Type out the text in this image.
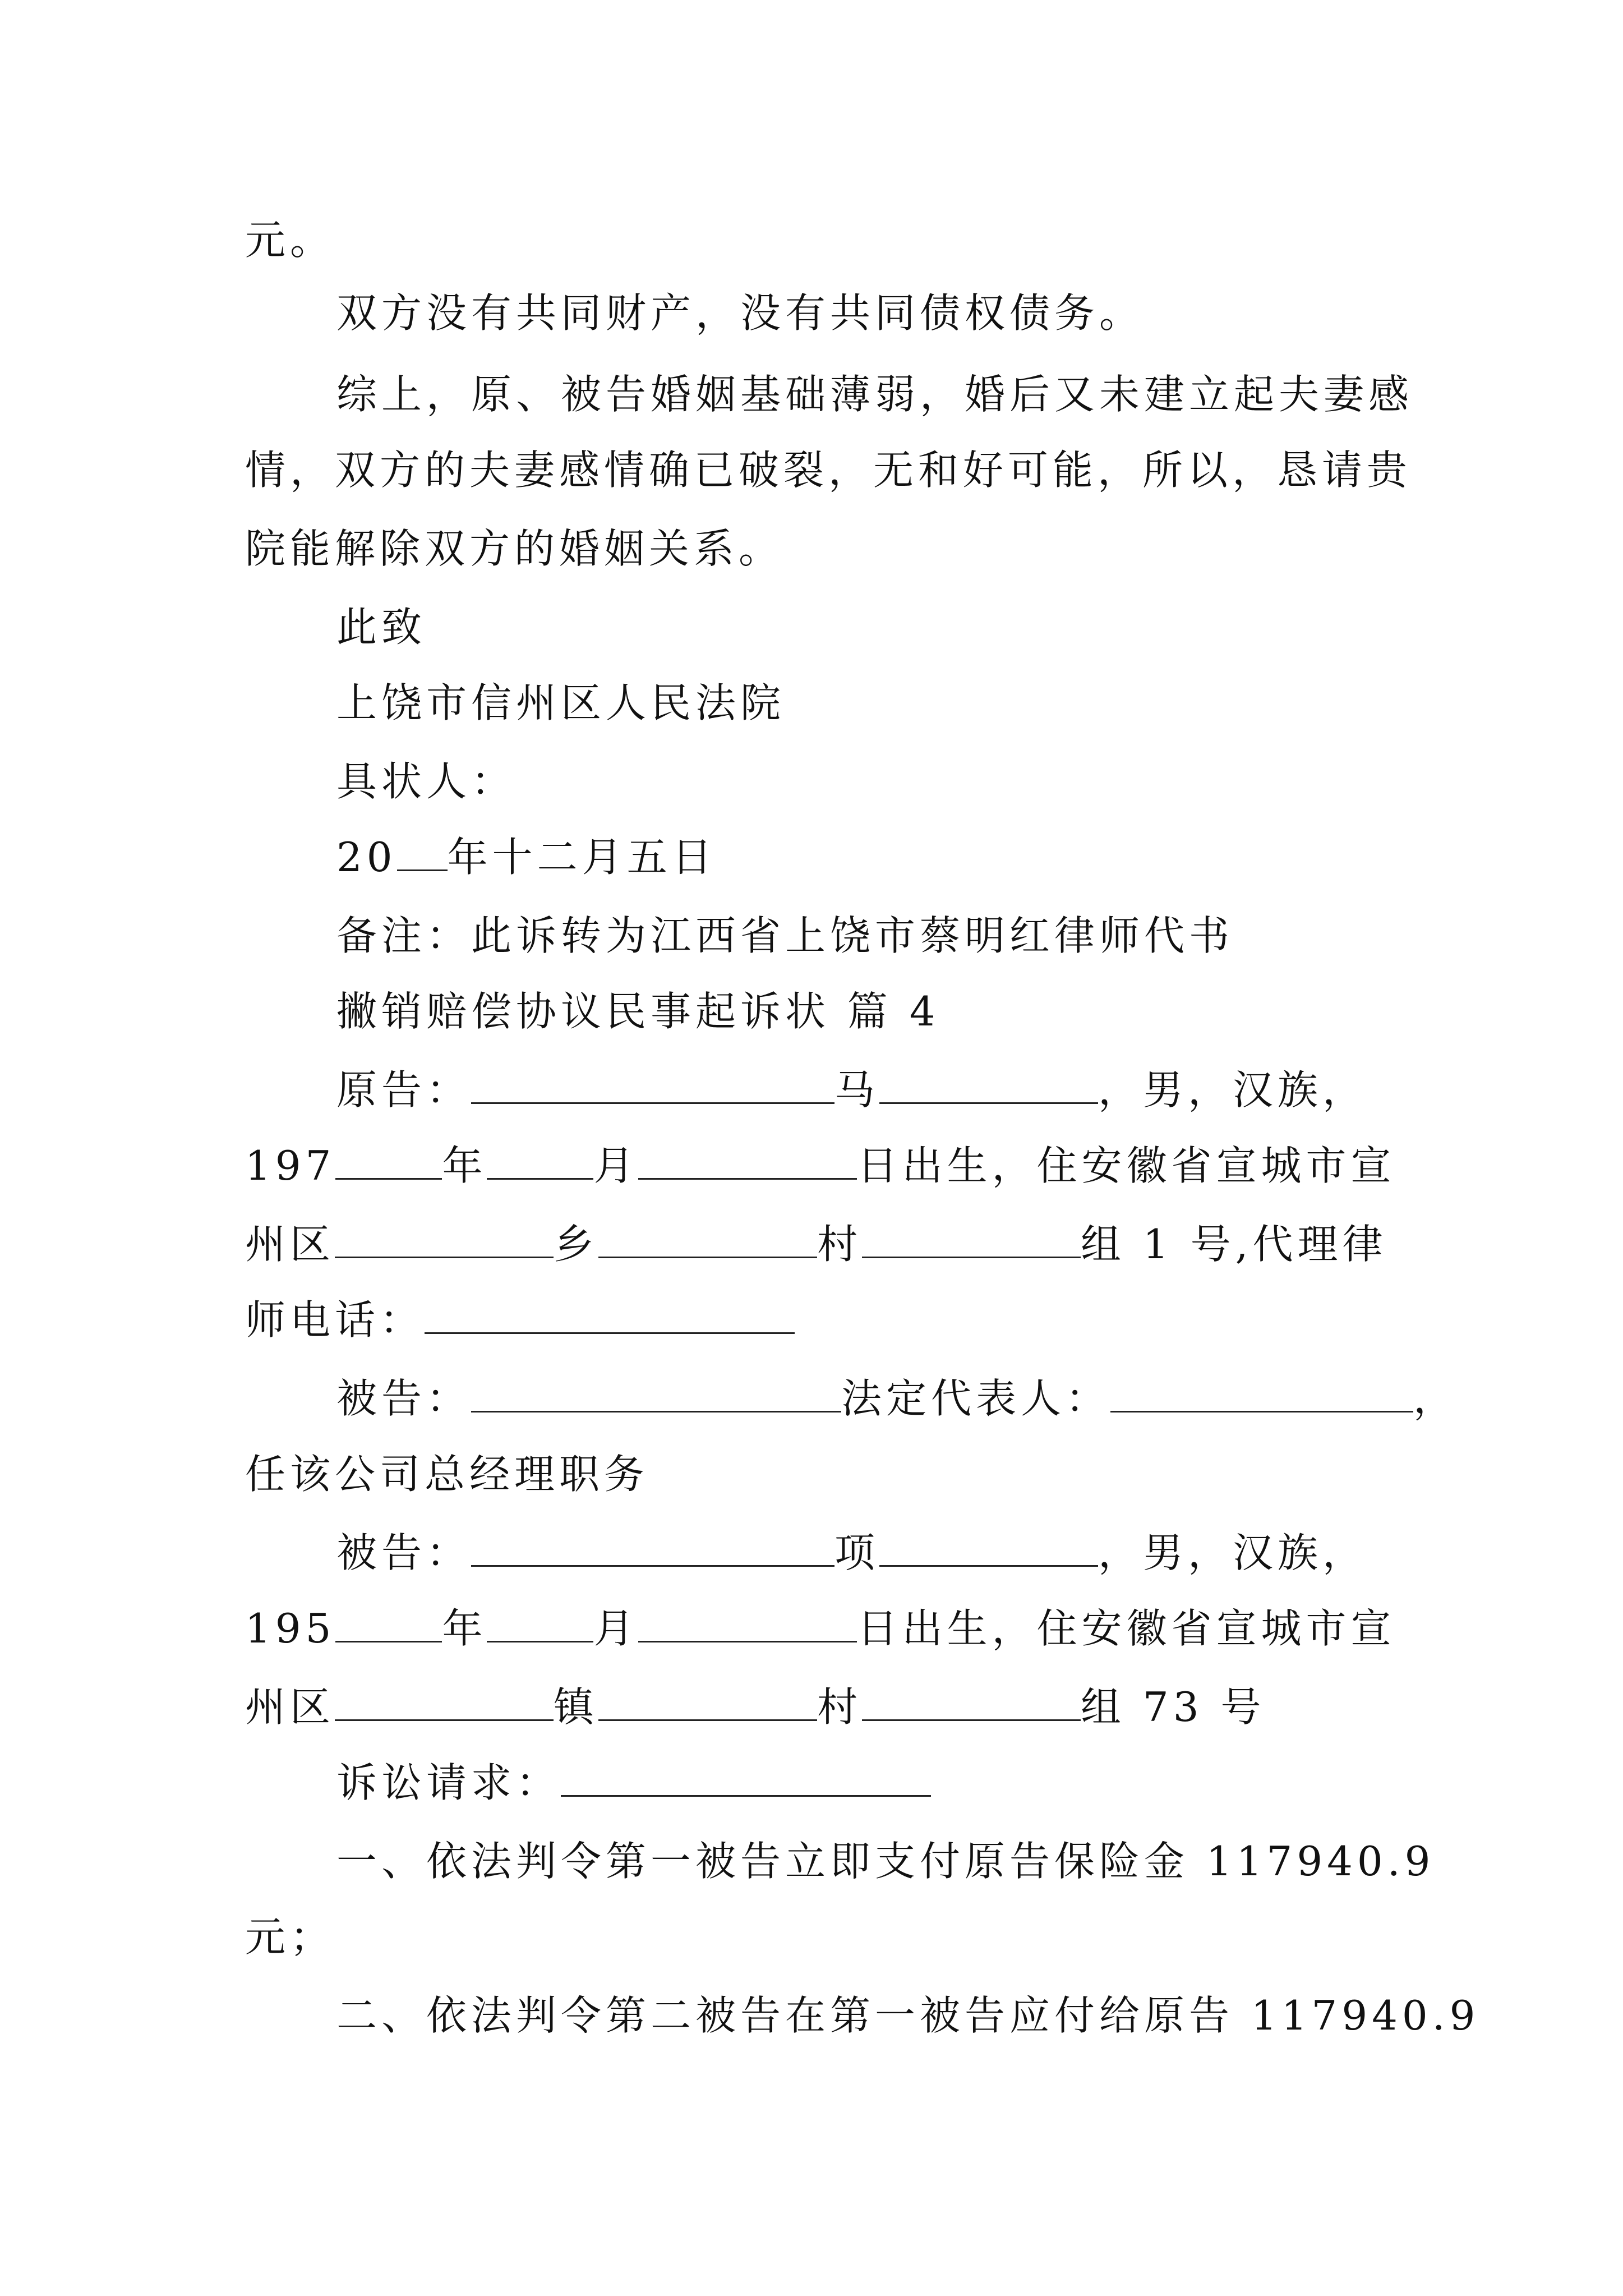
元。
双方没有共同财产，没有共同债权债务。
综上，原、被告婚姻基础薄弱，婚后又未建立起夫妻感
情，双方的夫妻感情确已破裂，无和好可能，所以，恳请贵
院能解除双方的婚姻关系。
此致
上饶市信州区人民法院
具状人：
20 年十二月五日
备注：此诉转为江西省上饶市蔡明红律师代书
撇销赔偿协议民事起诉状 篇 4
原告：	马	，男，汉族，
197	年	月	日出生，住安徽省宣城市宣
州区	乡	村	组 1 号,代理律
师电话：
被告：	法定代表人：	，
任该公司总经理职务
被告：	项	，男，汉族，
195	年	月	日出生，住安徽省宣城市宣
州区	镇	村	组 73 号
诉讼请求：
一、依法判令第一被告立即支付原告保险金 117940.9
元；
二、依法判令第二被告在第一被告应付给原告 117940.9
